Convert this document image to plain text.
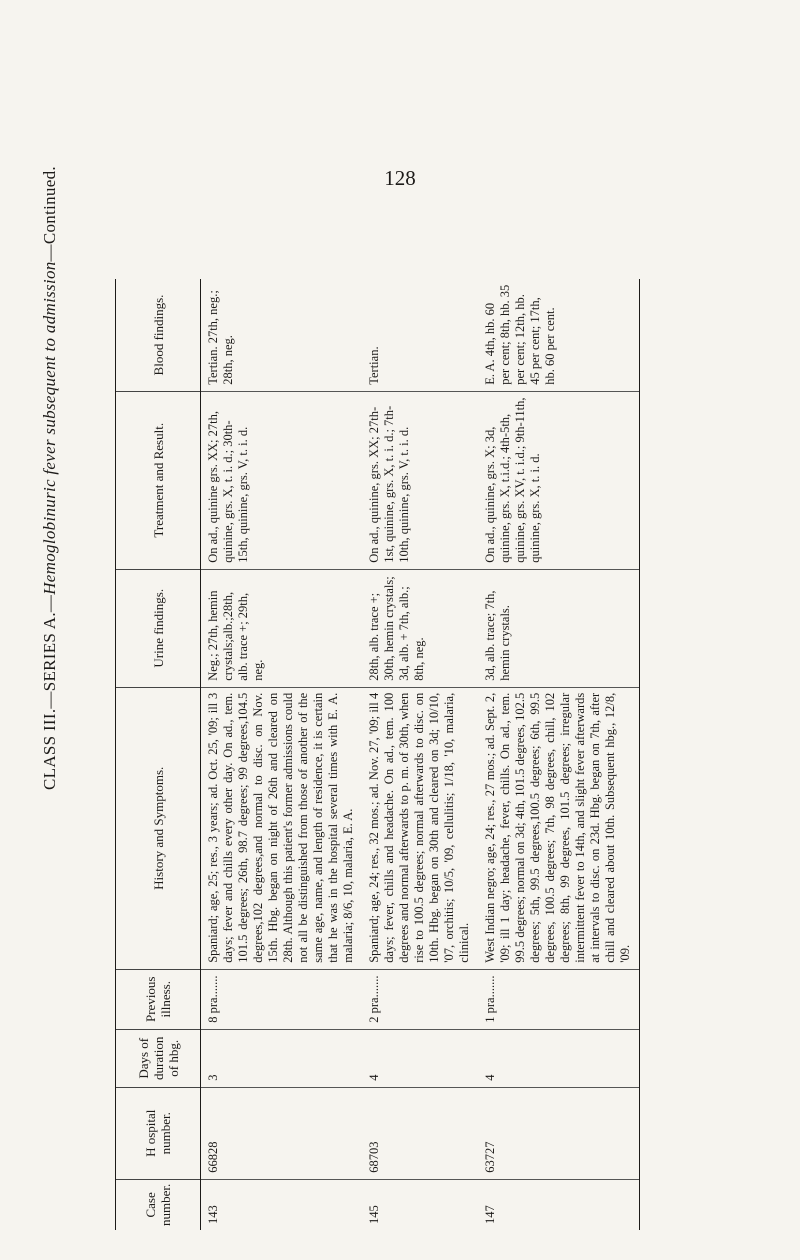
128
CLASS III.—SERIES A.—Hemoglobinuric fever subsequent to admission—Continued.
Case number.	H ospital number.	Days of duration of hbg.	Previous illness.	History and Symptoms.	Urine findings.	Treatment and Result.	Blood findings.
143	66828	3	8 pra.......	Spaniard; age, 25; res., 3 years; ad. Oct. 25, '09; ill 3 days; fever and chills every other day. On ad., tem. 101.5 degrees; 26th, 98.7 degrees; 99 degrees,104.5 degrees,102 degrees,and normal to disc. on Nov. 15th. Hbg. began on night of 26th and cleared on 28th. Although this patient's former admissions could not all be distinguished from those of another of the same age, name, and length of residence, it is certain that he was in the hospital several times with E. A. malaria; 8/6, 10, malaria, E. A.	Neg.; 27th, hemin crystals;alb.;28th, alb. trace +; 29th, neg.	On ad., quinine grs. XX; 27th, quinine, grs. X, t. i. d.; 30th-15th, quinine, grs. V, t. i. d.	Tertian. 27th, neg.; 28th, neg.
145	68703	4	2 pra.......	Spaniard; age, 24; res., 32 mos.; ad. Nov. 27, '09; ill 4 days; fever, chills and headache. On ad., tem. 100 degrees and normal afterwards to p. m. of 30th, when rise to 100.5 degrees; normal afterwards to disc. on 10th. Hbg. began on 30th and cleared on 3d; 10/10, '07, orchitis; 10/5, '09, cellulitis; 1/18, '10, malaria, clinical.	28th, alb. trace +; 30th, hemin crystals; 3d, alb. + 7th, alb.; 8th, neg.	On ad., quinine, grs. XX; 27th-1st, quinine, grs. X, t. i. d.; 7th-10th, quinine, grs. V, t. i. d.	Tertian.
147	63727	4	1 pra.......	West Indian negro; age, 24; res., 27 mos.; ad. Sept. 2, '09; ill 1 day; headache, fever, chills. On ad., tem. 99.5 degrees; normal on 3d; 4th, 101.5 degrees, 102.5 degrees; 5th, 99.5 degrees,100.5 degrees; 6th, 99.5 degrees, 100.5 degrees; 7th, 98 degrees, chill, 102 degrees; 8th, 99 degrees, 101.5 degrees; irregular intermittent fever to 14th, and slight fever afterwards at intervals to disc. on 23d. Hbg. began on 7th, after chill and cleared about 10th. Subsequent hbg., 12/8, '09.	3d, alb. trace; 7th, hemin crystals.	On ad., quinine, grs. X; 3d, quinine, grs. X, t.i.d.; 4th-5th, quinine, grs. XV, t. i.d.; 9th-11th, quinine, grs. X, t. i. d.	E. A. 4th, hb. 60 per cent; 8th, hb. 35 per cent; 12th, hb. 45 per cent; 17th, hb. 60 per cent.
